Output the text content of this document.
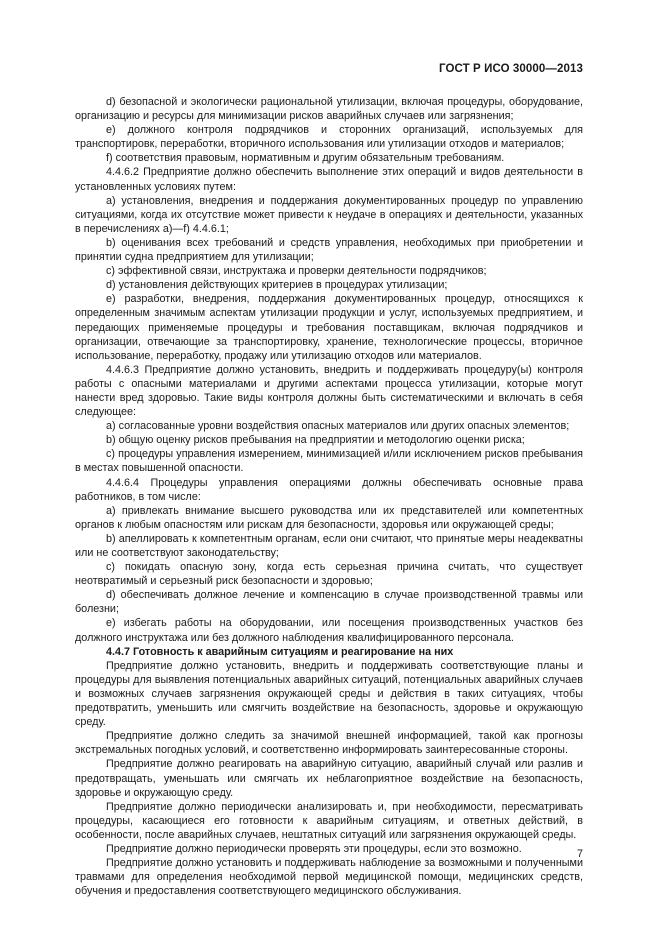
ГОСТ Р ИСО 30000—2013

d) безопасной и экологически рациональной утилизации, включая процедуры, оборудование, организацию и ресурсы для минимизации рисков аварийных случаев или загрязнения;

e) должного контроля подрядчиков и сторонних организаций, используемых для транспортировк, переработки, вторичного использования или утилизации отходов и материалов;

f) соответствия правовым, нормативным и другим обязательным требованиям.

4.4.6.2 Предприятие должно обеспечить выполнение этих операций и видов деятельности в установленных условиях путем:

a) установления, внедрения и поддержания документированных процедур по управлению ситуациями, когда их отсутствие может привести к неудаче в операциях и деятельности, указанных в перечислениях а)—f) 4.4.6.1;

b) оценивания всех требований и средств управления, необходимых при приобретении и принятии судна предприятием для утилизации;

c) эффективной связи, инструктажа и проверки деятельности подрядчиков;

d) установления действующих критериев в процедурах утилизации;

e) разработки, внедрения, поддержания документированных процедур, относящихся к определенным значимым аспектам утилизации продукции и услуг, используемых предприятием, и передающих применяемые процедуры и требования поставщикам, включая подрядчиков и организации, отвечающие за транспортировку, хранение, технологические процессы, вторичное использование, переработку, продажу или утилизацию отходов или материалов.

4.4.6.3 Предприятие должно установить, внедрить и поддерживать процедуру(ы) контроля работы с опасными материалами и другими аспектами процесса утилизации, которые могут нанести вред здоровью. Такие виды контроля должны быть систематическими и включать в себя следующее:

a) согласованные уровни воздействия опасных материалов или других опасных элементов;

b) общую оценку рисков пребывания на предприятии и методологию оценки риска;

c) процедуры управления измерением, минимизацией и/или исключением рисков пребывания в местах повышенной опасности.

4.4.6.4 Процедуры управления операциями должны обеспечивать основные права работников, в том числе:

a) привлекать внимание высшего руководства или их представителей или компетентных органов к любым опасностям или рискам для безопасности, здоровья или окружающей среды;

b) апеллировать к компетентным органам, если они считают, что принятые меры неадекватны или не соответствуют законодательству;

c) покидать опасную зону, когда есть серьезная причина считать, что существует неотвратимый и серьезный риск безопасности и здоровью;

d) обеспечивать должное лечение и компенсацию в случае производственной травмы или болезни;

e) избегать работы на оборудовании, или посещения производственных участков без должного инструктажа или без должного наблюдения квалифицированного персонала.

4.4.7 Готовность к аварийным ситуациям и реагирование на них

Предприятие должно установить, внедрить и поддерживать соответствующие планы и процедуры для выявления потенциальных аварийных ситуаций, потенциальных аварийных случаев и возможных случаев загрязнения окружающей среды и действия в таких ситуациях, чтобы предотвратить, уменьшить или смягчить воздействие на безопасность, здоровье и окружающую среду.

Предприятие должно следить за значимой внешней информацией, такой как прогнозы экстремальных погодных условий, и соответственно информировать заинтересованные стороны.

Предприятие должно реагировать на аварийную ситуацию, аварийный случай или разлив и предотвращать, уменьшать или смягчать их неблагоприятное воздействие на безопасность, здоровье и окружающую среду.

Предприятие должно периодически анализировать и, при необходимости, пересматривать процедуры, касающиеся его готовности к аварийным ситуациям, и ответных действий, в особенности, после аварийных случаев, нештатных ситуаций или загрязнения окружающей среды.

Предприятие должно периодически проверять эти процедуры, если это возможно.

Предприятие должно установить и поддерживать наблюдение за возможными и полученными травмами для определения необходимой первой медицинской помощи, медицинских средств, обучения и предоставления соответствующего медицинского обслуживания.

7
